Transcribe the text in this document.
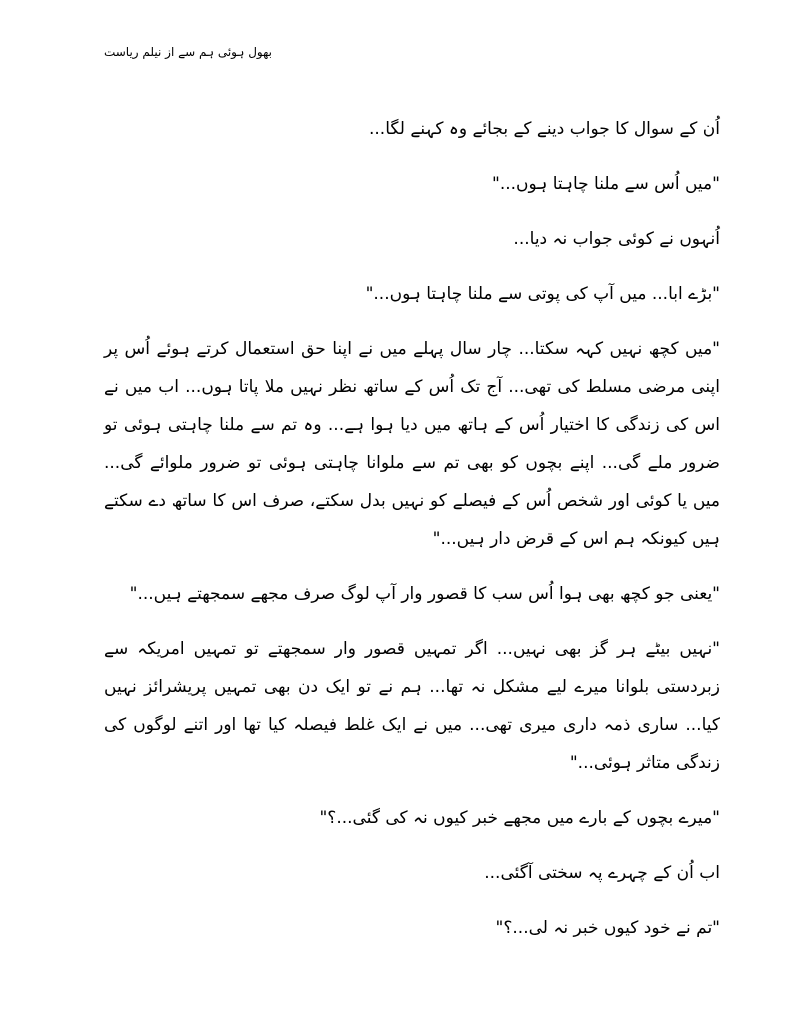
بھول ہوئی ہم سے از نیلم ریاست

اُن کے سوال کا جواب دینے کے بجائے وہ کہنے لگا...

"میں اُس سے ملنا چاہتا ہوں..."

اُنہوں نے کوئی جواب نہ دیا...

"بڑے ابا... میں آپ کی پوتی سے ملنا چاہتا ہوں..."

"میں کچھ نہیں کہہ سکتا... چار سال پہلے میں نے اپنا حق استعمال کرتے ہوئے اُس پر اپنی مرضی مسلط کی تھی... آج تک اُس کے ساتھ نظر نہیں ملا پاتا ہوں... اب میں نے اس کی زندگی کا اختیار اُس کے ہاتھ میں دیا ہوا ہے... وہ تم سے ملنا چاہتی ہوئی تو ضرور ملے گی... اپنے بچوں کو بھی تم سے ملوانا چاہتی ہوئی تو ضرور ملوائے گی... میں یا کوئی اور شخص اُس کے فیصلے کو نہیں بدل سکتے، صرف اس کا ساتھ دے سکتے ہیں کیونکہ ہم اس کے قرض دار ہیں..."

"یعنی جو کچھ بھی ہوا اُس سب کا قصور وار آپ لوگ صرف مجھے سمجھتے ہیں..."

"نہیں بیٹے ہر گز بھی نہیں... اگر تمہیں قصور وار سمجھتے تو تمہیں امریکہ سے زبردستی بلوانا میرے لیے مشکل نہ تھا... ہم نے تو ایک دن بھی تمہیں پریشرائز نہیں کیا... ساری ذمہ داری میری تھی... میں نے ایک غلط فیصلہ کیا تھا اور اتنے لوگوں کی زندگی متاثر ہوئی..."

"میرے بچوں کے بارے میں مجھے خبر کیوں نہ کی گئی...؟"

اب اُن کے چہرے پہ سختی آگئی...

"تم نے خود کیوں خبر نہ لی...؟"
